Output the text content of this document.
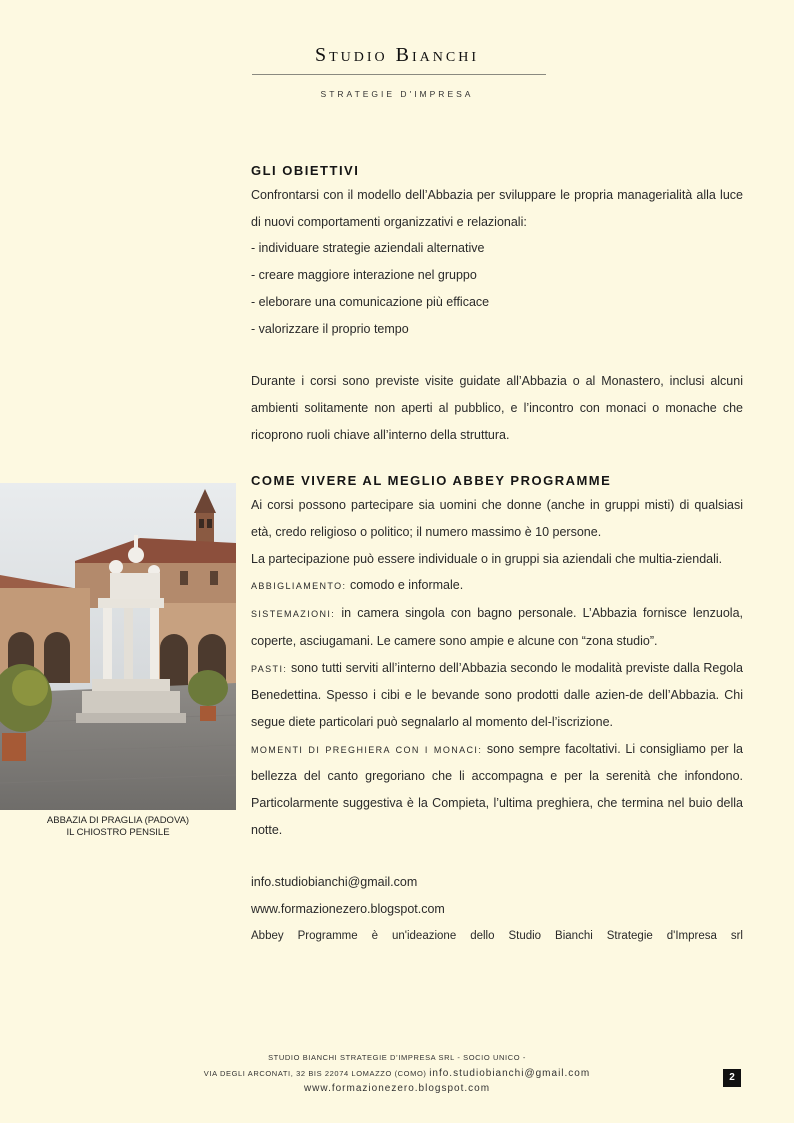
Studio Bianchi
STRATEGIE D'IMPRESA
GLI OBIETTIVI

Confrontarsi con il modello dell’Abbazia per sviluppare le propria managerialità alla luce di nuovi comportamenti organizzativi e relazionali:

- individuare strategie aziendali alternative

- creare maggiore interazione nel gruppo

- eleborare una comunicazione più efficace

- valorizzare il proprio tempo

Durante i corsi sono previste visite guidate all’Abbazia o al Monastero, inclusi alcuni ambienti solitamente non aperti al pubblico, e l’incontro con monaci o monache che ricoprono ruoli chiave all’interno della struttura.

COME VIVERE AL MEGLIO ABBEY PROGRAMME

Ai corsi possono partecipare sia uomini che donne (anche in gruppi misti) di qualsiasi età, credo religioso o politico; il numero massimo è 10 persone.

La partecipazione può essere individuale o in gruppi sia aziendali che multia-ziendali.

ABBIGLIAMENTO: comodo e informale.

SISTEMAZIONI: in camera singola con bagno personale. L’Abbazia fornisce lenzuola, coperte, asciugamani. Le camere sono ampie e alcune con “zona studio”.

PASTI: sono tutti serviti all’interno dell’Abbazia secondo le modalità previste dalla Regola Benedettina. Spesso i cibi e le bevande sono prodotti dalle azien-de dell’Abbazia. Chi segue diete particolari può segnalarlo al momento del-l’iscrizione.

MOMENTI DI PREGHIERA CON I MONACI: sono sempre facoltativi. Li consigliamo per la bellezza del canto gregoriano che li accompagna e per la serenità che infondono. Particolarmente suggestiva è la Compieta, l’ultima preghiera, che termina nel buio della notte.

info.studiobianchi@gmail.com

www.formazionezero.blogspot.com

Abbey Programme è un'ideazione dello Studio Bianchi Strategie d'Impresa srl

ABBAZIA DI PRAGLIA (PADOVA)
IL CHIOSTRO PENSILE
STUDIO BIANCHI STRATEGIE D’IMPRESA SRL - SOCIO UNICO -
VIA DEGLI ARCONATI, 32 BIS 22074 LOMAZZO (COMO) info.studiobianchi@gmail.com
www.formazionezero.blogspot.com
2
